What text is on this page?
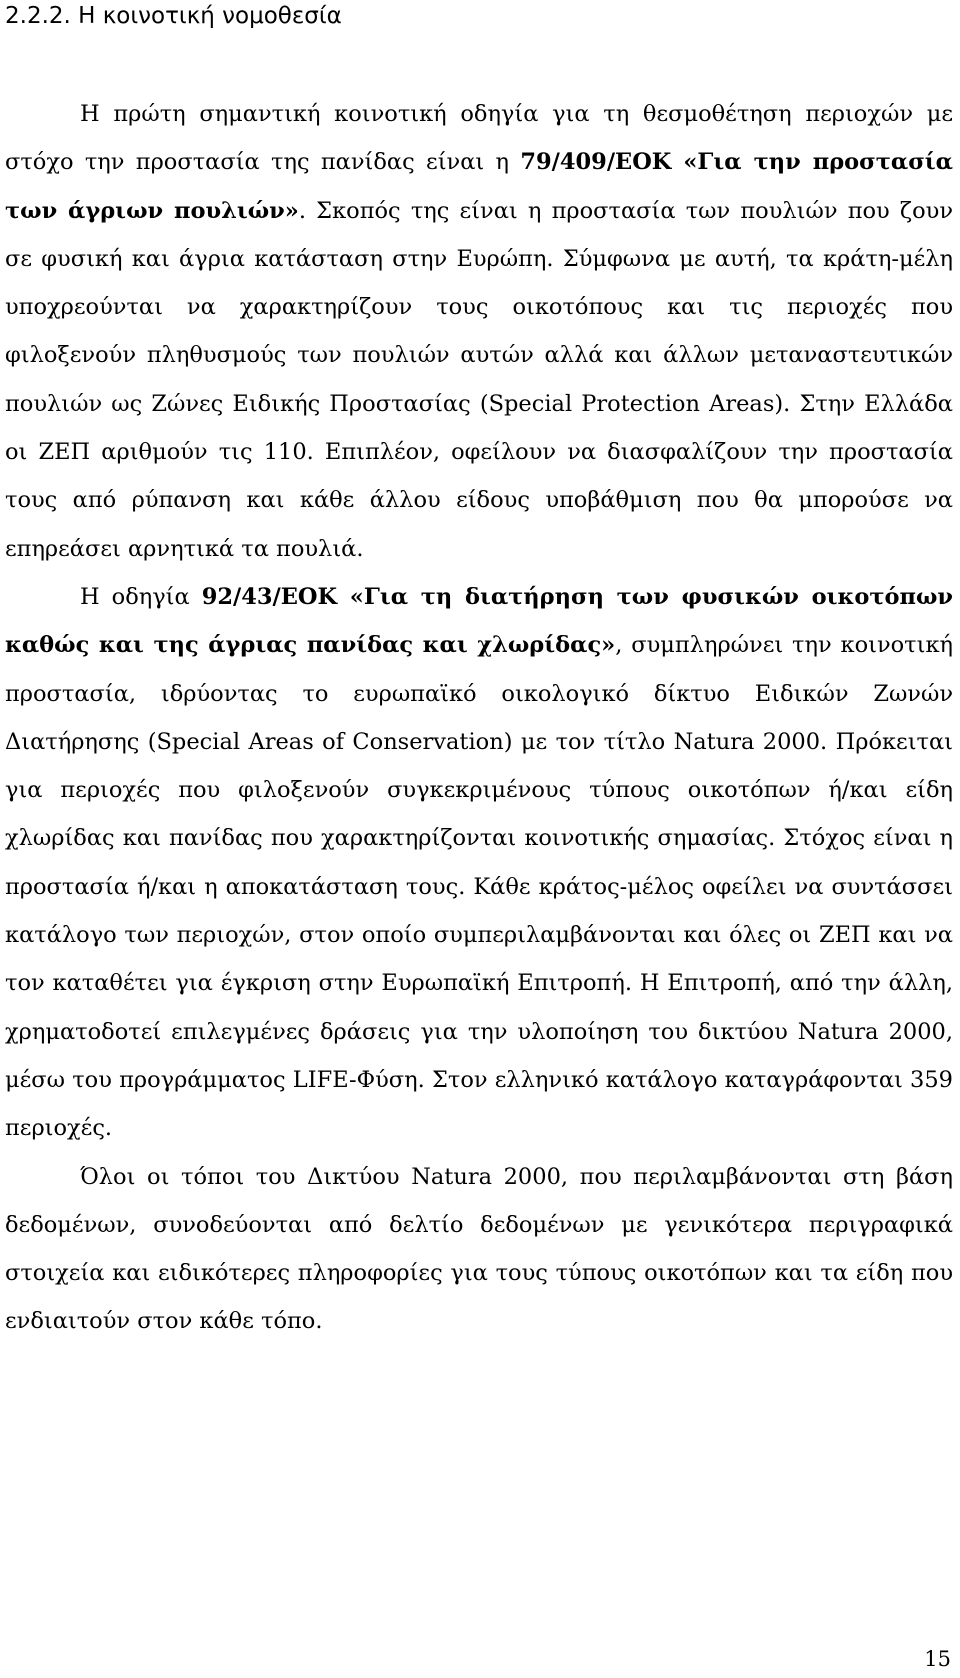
2.2.2. Η κοινοτική νομοθεσία

Η πρώτη σημαντική κοινοτική οδηγία για τη θεσμοθέτηση περιοχών με στόχο την προστασία της πανίδας είναι η 79/409/ΕΟΚ «Για την προστασία των άγριων πουλιών». Σκοπός της είναι η προστασία των πουλιών που ζουν σε φυσική και άγρια κατάσταση στην Ευρώπη. Σύμφωνα με αυτή, τα κράτη-μέλη υποχρεούνται να χαρακτηρίζουν τους οικοτόπους και τις περιοχές που φιλοξενούν πληθυσμούς των πουλιών αυτών αλλά και άλλων μεταναστευτικών πουλιών ως Ζώνες Ειδικής Προστασίας (Special Protection Areas). Στην Ελλάδα οι ΖΕΠ αριθμούν τις 110. Επιπλέον, οφείλουν να διασφαλίζουν την προστασία τους από ρύπανση και κάθε άλλου είδους υποβάθμιση που θα μπορούσε να επηρεάσει αρνητικά τα πουλιά.

Η οδηγία 92/43/ΕΟΚ «Για τη διατήρηση των φυσικών οικοτόπων καθώς και της άγριας πανίδας και χλωρίδας», συμπληρώνει την κοινοτική προστασία, ιδρύοντας το ευρωπαϊκό οικολογικό δίκτυο Ειδικών Ζωνών Διατήρησης (Special Areas of Conservation) με τον τίτλο Natura 2000. Πρόκειται για περιοχές που φιλοξενούν συγκεκριμένους τύπους οικοτόπων ή/και είδη χλωρίδας και πανίδας που χαρακτηρίζονται κοινοτικής σημασίας. Στόχος είναι η προστασία ή/και η αποκατάσταση τους. Κάθε κράτος-μέλος οφείλει να συντάσσει κατάλογο των περιοχών, στον οποίο συμπεριλαμβάνονται και όλες οι ΖΕΠ και να τον καταθέτει για έγκριση στην Ευρωπαϊκή Επιτροπή. Η Επιτροπή, από την άλλη, χρηματοδοτεί επιλεγμένες δράσεις για την υλοποίηση του δικτύου Natura 2000, μέσω του προγράμματος LIFE-Φύση. Στον ελληνικό κατάλογο καταγράφονται 359 περιοχές.

Όλοι οι τόποι του Δικτύου Natura 2000, που περιλαμβάνονται στη βάση δεδομένων, συνοδεύονται από δελτίο δεδομένων με γενικότερα περιγραφικά στοιχεία και ειδικότερες πληροφορίες για τους τύπους οικοτόπων και τα είδη που ενδιαιτούν στον κάθε τόπο.

15
